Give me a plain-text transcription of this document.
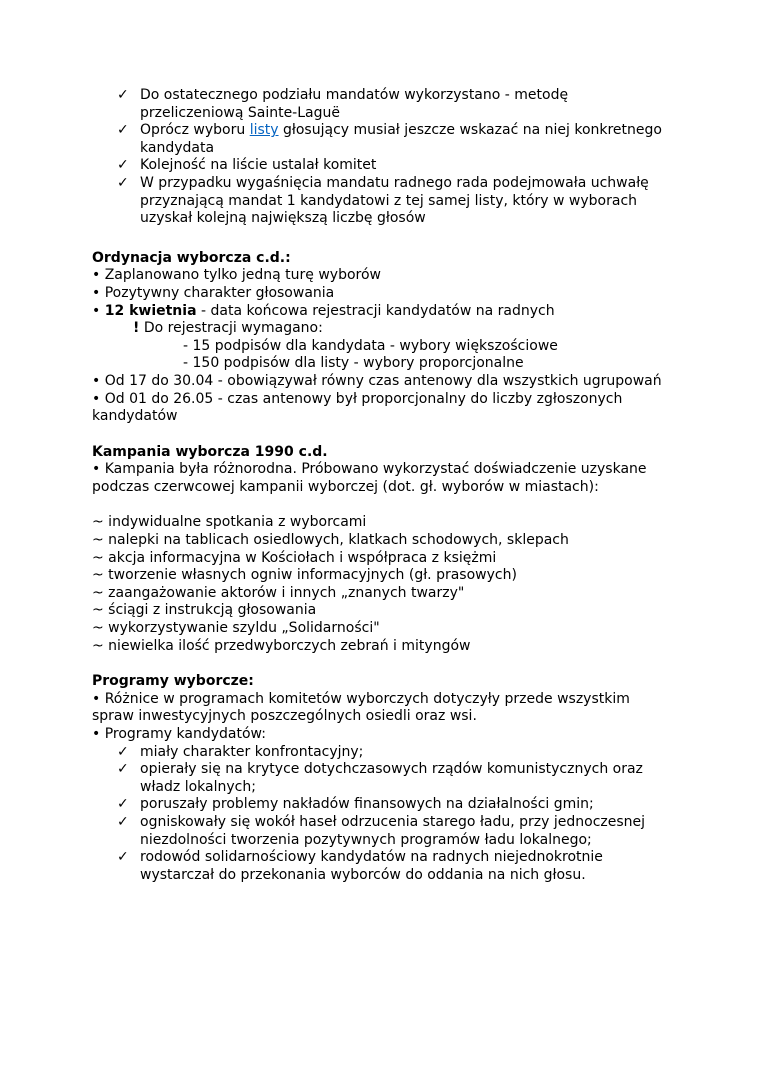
✓ Do ostatecznego podziału mandatów wykorzystano - metodę przeliczeniową Sainte-Laguë
✓ Oprócz wyboru listy głosujący musiał jeszcze wskazać na niej konkretnego kandydata
✓ Kolejność na liście ustalał komitet
✓ W przypadku wygaśnięcia mandatu radnego rada podejmowała uchwałę przyznającą mandat 1 kandydatowi z tej samej listy, który w wyborach uzyskał kolejną największą liczbę głosów
Ordynacja wyborcza c.d.:
• Zaplanowano tylko jedną turę wyborów
• Pozytywny charakter głosowania
• 12 kwietnia - data końcowa rejestracji kandydatów na radnych
! Do rejestracji wymagano:
- 15 podpisów dla kandydata - wybory większościowe
- 150 podpisów dla listy - wybory proporcjonalne
• Od 17 do 30.04 - obowiązywał równy czas antenowy dla wszystkich ugrupowań
• Od 01 do 26.05 - czas antenowy był proporcjonalny do liczby zgłoszonych kandydatów
Kampania wyborcza 1990 c.d.
• Kampania była różnorodna. Próbowano wykorzystać doświadczenie uzyskane podczas czerwcowej kampanii wyborczej (dot. gł. wyborów w miastach):
~ indywidualne spotkania z wyborcami
~ nalepki na tablicach osiedlowych, klatkach schodowych, sklepach
~ akcja informacyjna w Kościołach i współpraca z księżmi
~ tworzenie własnych ogniw informacyjnych (gł. prasowych)
~ zaangażowanie aktorów i innych „znanych twarzy"
~ ściągi z instrukcją głosowania
~ wykorzystywanie szyldu „Solidarności"
~ niewielka ilość przedwyborczych zebrań i mityngów
Programy wyborcze:
• Różnice w programach komitetów wyborczych dotyczyły przede wszystkim spraw inwestycyjnych poszczególnych osiedli oraz wsi.
• Programy kandydatów:
✓ miały charakter konfrontacyjny;
✓ opierały się na krytyce dotychczasowych rządów komunistycznych oraz władz lokalnych;
✓ poruszały problemy nakładów finansowych na działalności gmin;
✓ ogniskowały się wokół haseł odrzucenia starego ładu, przy jednoczesnej niezdolności tworzenia pozytywnych programów ładu lokalnego;
✓ rodowód solidarnościowy kandydatów na radnych niejednokrotnie wystarczał do przekonania wyborców do oddania na nich głosu.
